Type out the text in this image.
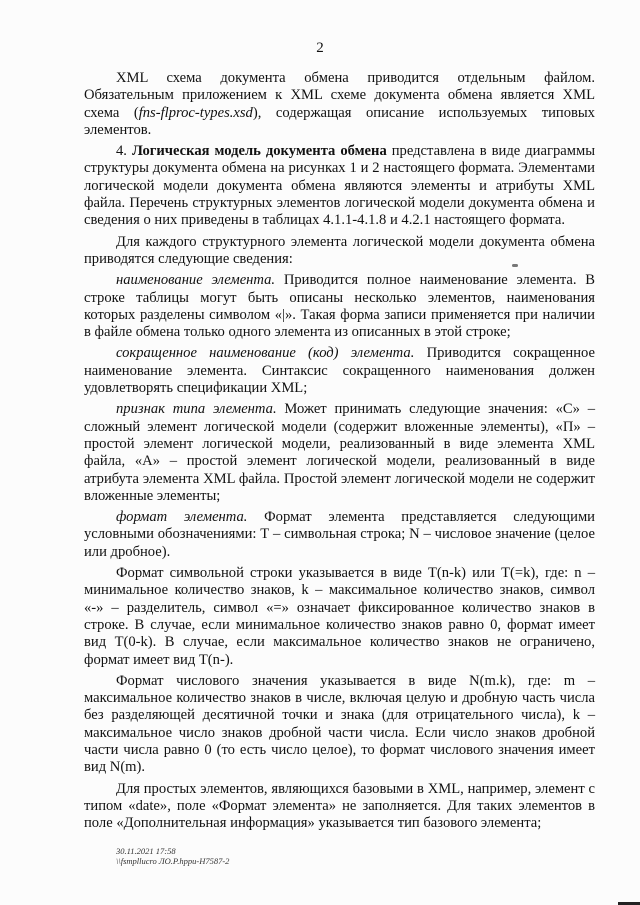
2

XML схема документа обмена приводится отдельным файлом. Обязательным приложением к XML схеме документа обмена является XML схема (fns-flproc-types.xsd), содержащая описание используемых типовых элементов.

4. Логическая модель документа обмена представлена в виде диаграммы структуры документа обмена на рисунках 1 и 2 настоящего формата. Элементами логической модели документа обмена являются элементы и атрибуты XML файла. Перечень структурных элементов логической модели документа обмена и сведения о них приведены в таблицах 4.1.1-4.1.8 и 4.2.1 настоящего формата.

Для каждого структурного элемента логической модели документа обмена приводятся следующие сведения:

наименование элемента. Приводится полное наименование элемента. В строке таблицы могут быть описаны несколько элементов, наименования которых разделены символом «|». Такая форма записи применяется при наличии в файле обмена только одного элемента из описанных в этой строке;

сокращенное наименование (код) элемента. Приводится сокращенное наименование элемента. Синтаксис сокращенного наименования должен удовлетворять спецификации XML;

признак типа элемента. Может принимать следующие значения: «С» – сложный элемент логической модели (содержит вложенные элементы), «П» – простой элемент логической модели, реализованный в виде элемента XML файла, «А» – простой элемент логической модели, реализованный в виде атрибута элемента XML файла. Простой элемент логической модели не содержит вложенные элементы;

формат элемента. Формат элемента представляется следующими условными обозначениями: Т – символьная строка; N – числовое значение (целое или дробное).

Формат символьной строки указывается в виде Т(n-k) или Т(=k), где: n – минимальное количество знаков, k – максимальное количество знаков, символ «-» – разделитель, символ «=» означает фиксированное количество знаков в строке. В случае, если минимальное количество знаков равно 0, формат имеет вид Т(0-k). В случае, если максимальное количество знаков не ограничено, формат имеет вид Т(n-).

Формат числового значения указывается в виде N(m.k), где: m – максимальное количество знаков в числе, включая целую и дробную часть числа без разделяющей десятичной точки и знака (для отрицательного числа), k – максимальное число знаков дробной части числа. Если число знаков дробной части числа равно 0 (то есть число целое), то формат числового значения имеет вид N(m).

Для простых элементов, являющихся базовыми в XML, например, элемент с типом «date», поле «Формат элемента» не заполняется. Для таких элементов в поле «Дополнительная информация» указывается тип базового элемента;

30.11.2021 17:58
\\fsmpllucro ЛО.Р.hppu-Н7587-2
